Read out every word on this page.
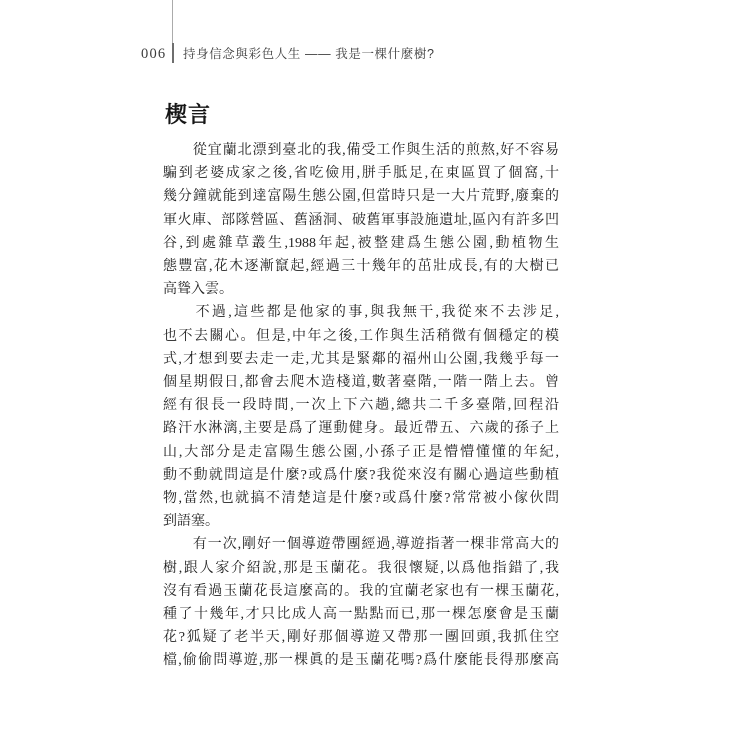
006 持身信念與彩色人生 —— 我是一棵什麼樹?
楔言
　　從宜蘭北漂到臺北的我,備受工作與生活的煎熬,好不容易
騙到老婆成家之後,省吃儉用,胼手胝足,在東區買了個窩,十
幾分鐘就能到達富陽生態公園,但當時只是一大片荒野,廢棄的
軍火庫、部隊營區、舊涵洞、破舊軍事設施遺址,區內有許多凹
谷,到處雜草叢生,1988年起,被整建爲生態公園,動植物生
態豐富,花木逐漸竄起,經過三十幾年的茁壯成長,有的大樹已
高聳入雲。
　　不過,這些都是他家的事,與我無干,我從來不去涉足,
也不去關心。但是,中年之後,工作與生活稍微有個穩定的模
式,才想到要去走一走,尤其是緊鄰的福州山公園,我幾乎每一
個星期假日,都會去爬木造棧道,數著臺階,一階一階上去。曾
經有很長一段時間,一次上下六趟,總共二千多臺階,回程沿
路汗水淋漓,主要是爲了運動健身。最近帶五、六歲的孫子上
山,大部分是走富陽生態公園,小孫子正是懵懵懂懂的年紀,
動不動就問這是什麼?或爲什麼?我從來沒有關心過這些動植
物,當然,也就搞不清楚這是什麼?或爲什麼?常常被小傢伙問
到語塞。
　　有一次,剛好一個導遊帶團經過,導遊指著一棵非常高大的
樹,跟人家介紹說,那是玉蘭花。我很懷疑,以爲他指錯了,我
沒有看過玉蘭花長這麼高的。我的宜蘭老家也有一棵玉蘭花,
種了十幾年,才只比成人高一點點而已,那一棵怎麼會是玉蘭
花?狐疑了老半天,剛好那個導遊又帶那一團回頭,我抓住空
檔,偷偷問導遊,那一棵眞的是玉蘭花嗎?爲什麼能長得那麼高
